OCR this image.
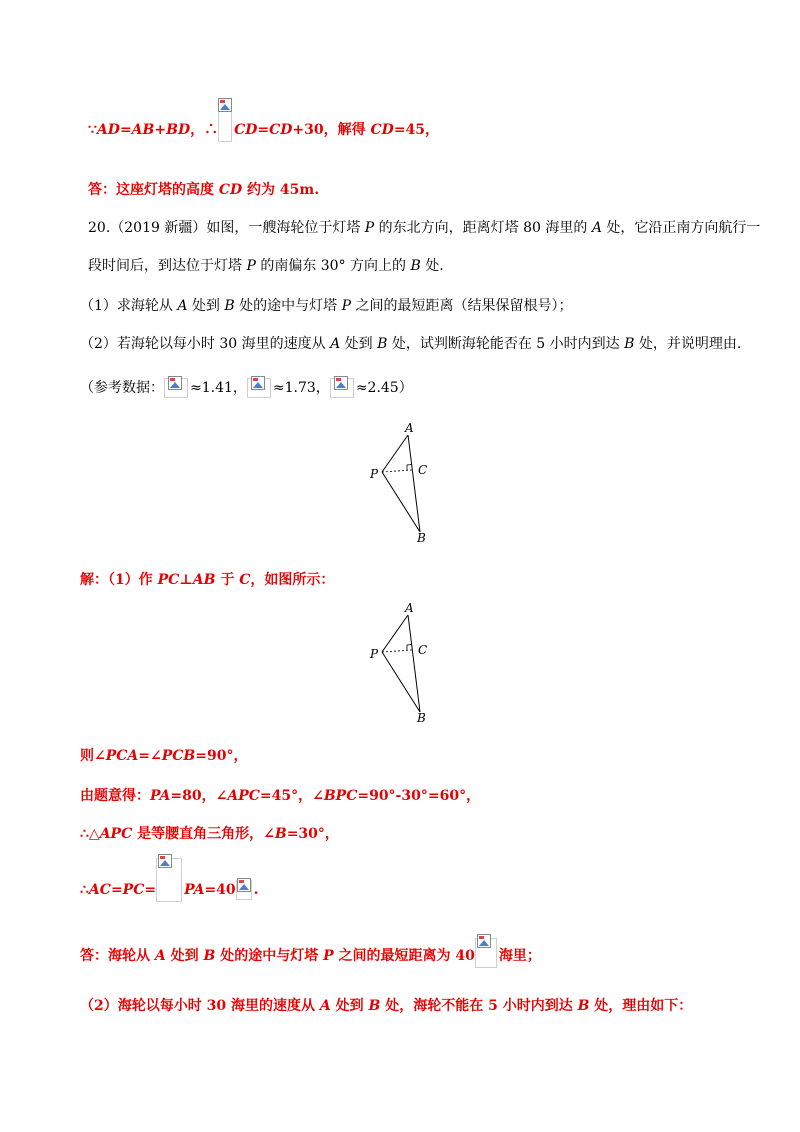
∵AD=AB+BD，∴ CD=CD+30，解得 CD=45，
答：这座灯塔的高度 CD 约为 45m.
20.（2019 新疆）如图，一艘海轮位于灯塔 P 的东北方向，距离灯塔 80 海里的 A 处，它沿正南方向航行一
段时间后，到达位于灯塔 P 的南偏东 30° 方向上的 B 处.
（1）求海轮从 A 处到 B 处的途中与灯塔 P 之间的最短距离（结果保留根号）；
（2）若海轮以每小时 30 海里的速度从 A 处到 B 处，试判断海轮能否在 5 小时内到达 B 处，并说明理由.
（参考数据： ≈1.41， ≈1.73， ≈2.45）
A
P	C
B
解：（1）作 PC⊥AB 于 C，如图所示：
A
P	C
B
则∠PCA=∠PCB=90°，
由题意得：PA=80，∠APC=45°，∠BPC=90°-30°=60°，
∴△APC 是等腰直角三角形，∠B=30°，
∴AC=PC= PA=40 .
答：海轮从 A 处到 B 处的途中与灯塔 P 之间的最短距离为 40 海里；
（2）海轮以每小时 30 海里的速度从 A 处到 B 处，海轮不能在 5 小时内到达 B 处，理由如下：
